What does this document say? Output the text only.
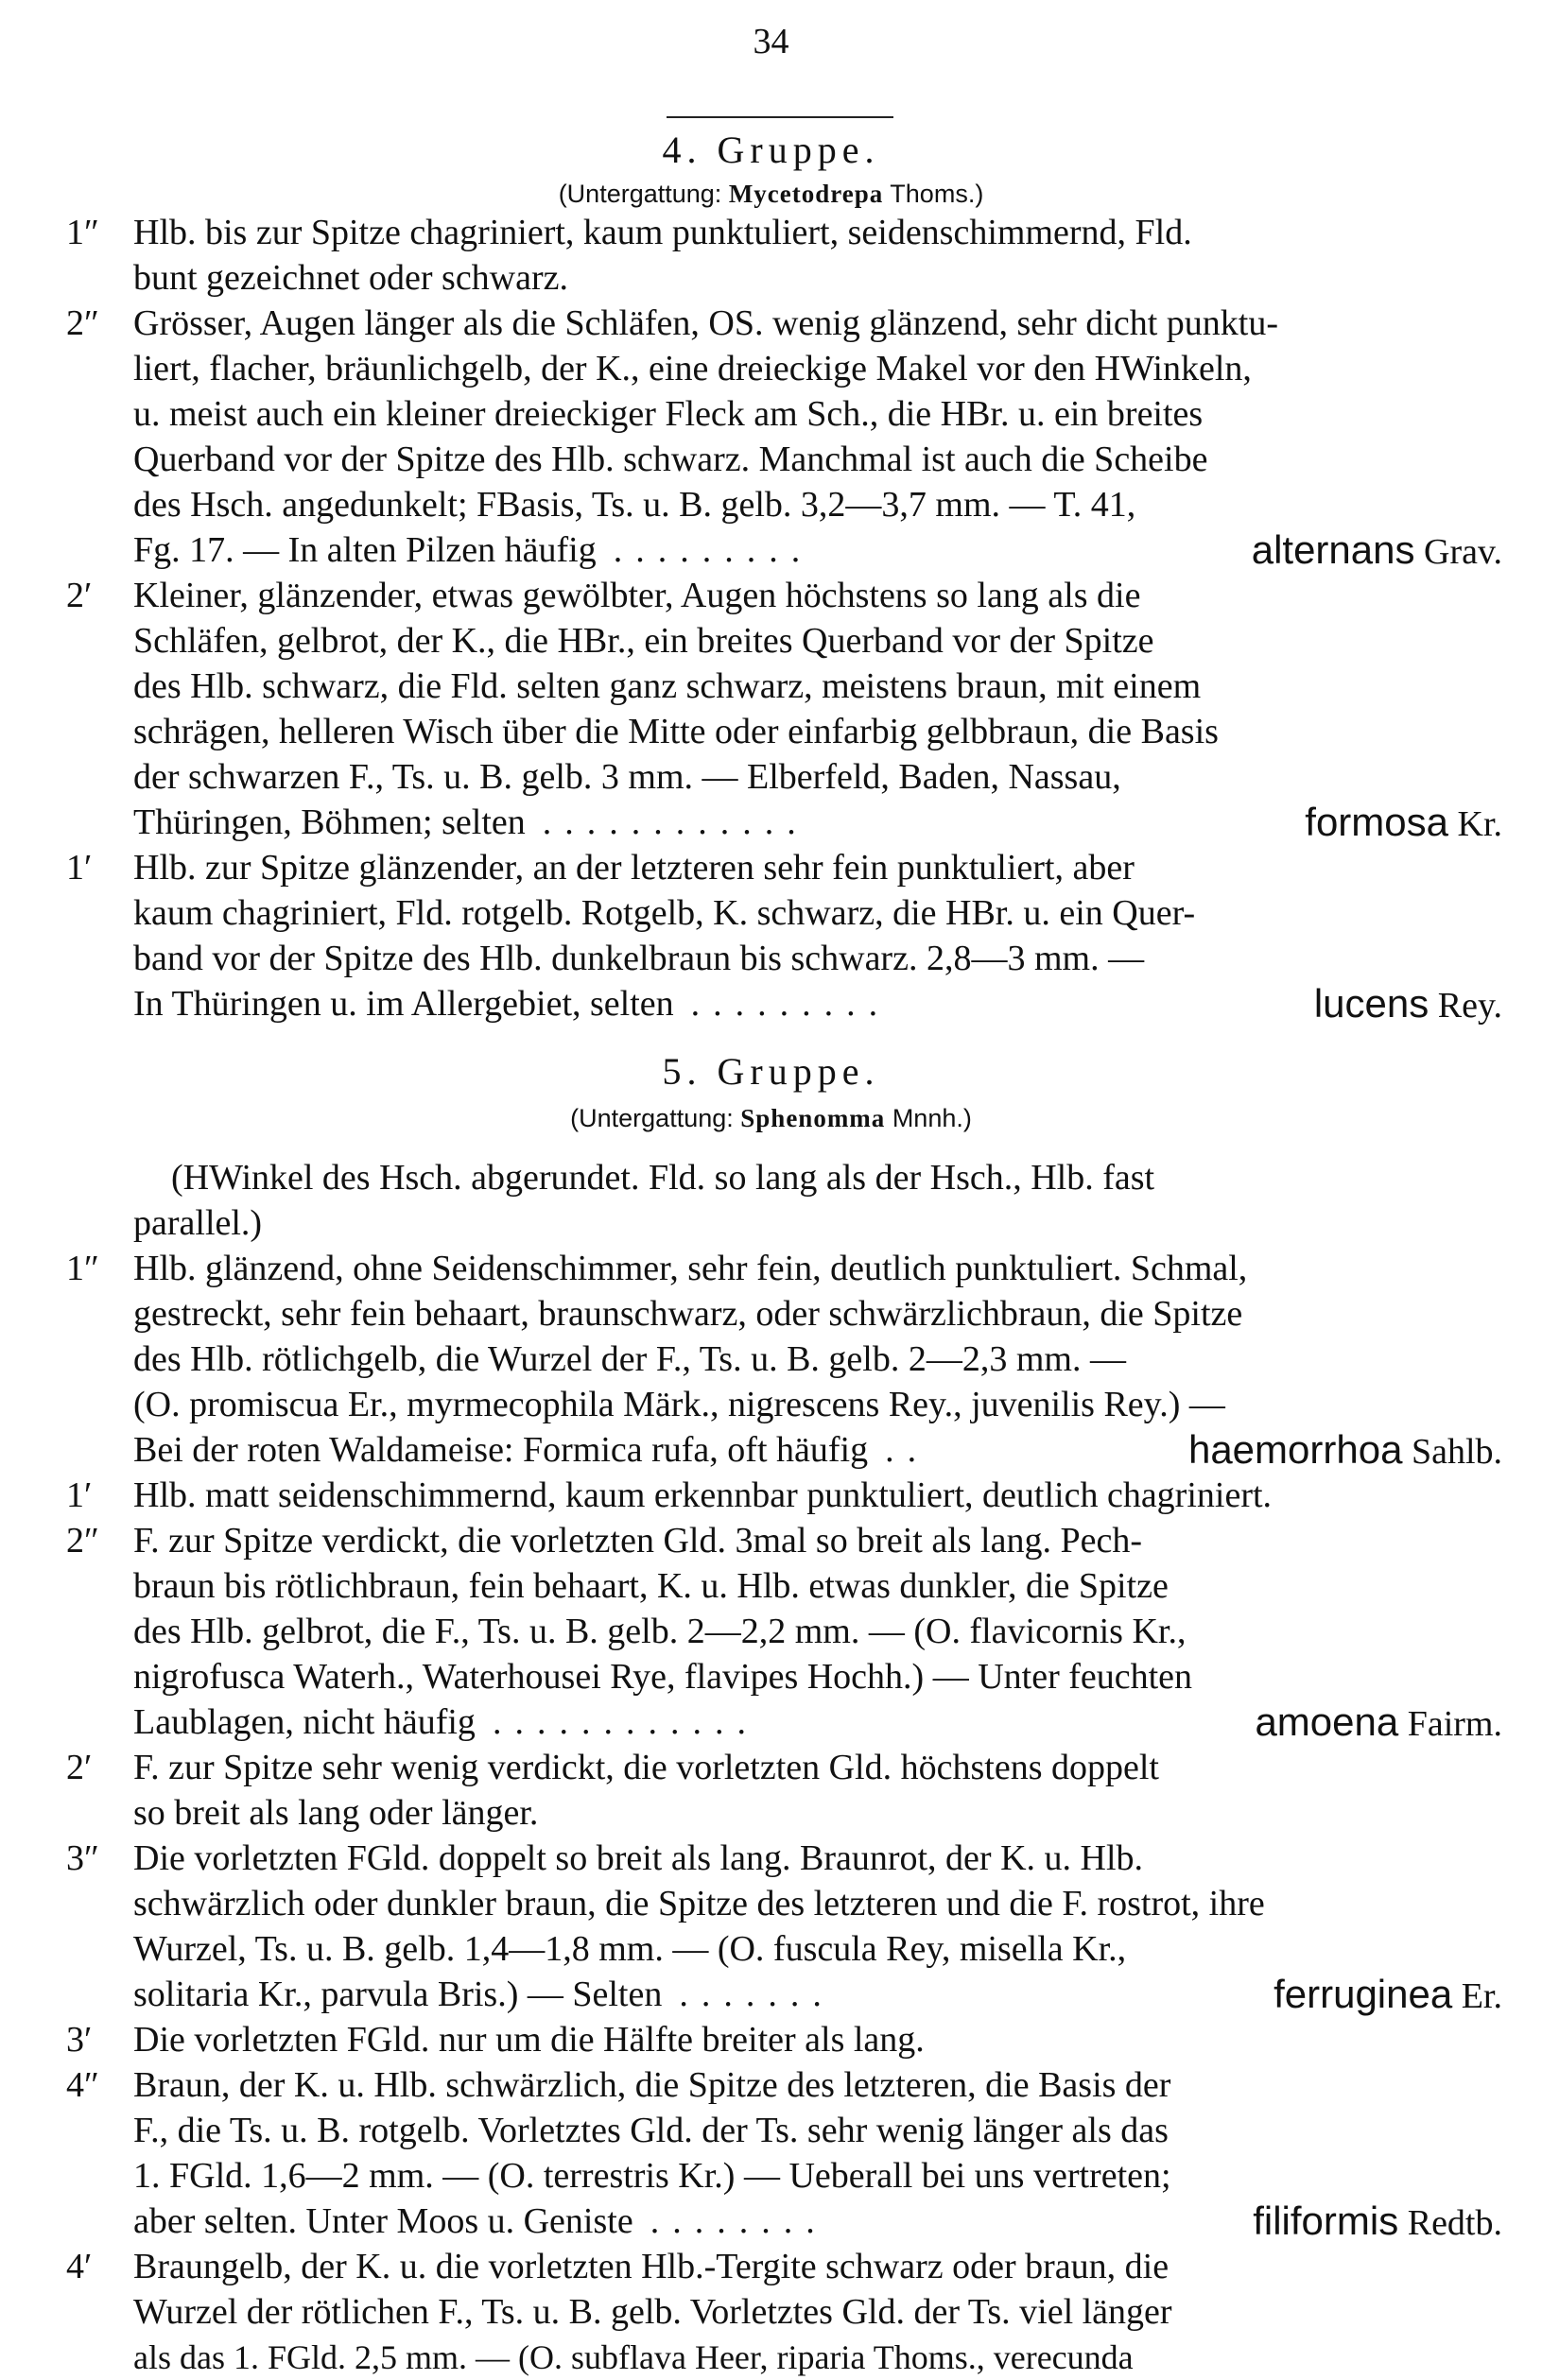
34
4. Gruppe.
(Untergattung: Mycetodrepa Thoms.)
1″ Hlb. bis zur Spitze chagriniert, kaum punktuliert, seidenschimmernd, Fld.
bunt gezeichnet oder schwarz.
2″ Grösser, Augen länger als die Schläfen, OS. wenig glänzend, sehr dicht punktu-
liert, flacher, bräunlichgelb, der K., eine dreieckige Makel vor den HWinkeln,
u. meist auch ein kleiner dreieckiger Fleck am Sch., die HBr. u. ein breites
Querband vor der Spitze des Hlb. schwarz. Manchmal ist auch die Scheibe
des Hsch. angedunkelt; FBasis, Ts. u. B. gelb. 3,2—3,7 mm. — T. 41,
Fg. 17. — In alten Pilzen häufig .........	alternans Grav.
2′	Kleiner, glänzender, etwas gewölbter, Augen höchstens so lang als die
Schläfen, gelbrot, der K., die HBr., ein breites Querband vor der Spitze
des Hlb. schwarz, die Fld. selten ganz schwarz, meistens braun, mit einem
schrägen, helleren Wisch über die Mitte oder einfarbig gelbbraun, die Basis
der schwarzen F., Ts. u. B. gelb. 3 mm. — Elberfeld, Baden, Nassau,
Thüringen, Böhmen; selten ............	formosa Kr.
1′	Hlb. zur Spitze glänzender, an der letzteren sehr fein punktuliert, aber
kaum chagriniert, Fld. rotgelb. Rotgelb, K. schwarz, die HBr. u. ein Quer-
band vor der Spitze des Hlb. dunkelbraun bis schwarz. 2,8—3 mm. —
In Thüringen u. im Allergebiet, selten .........	lucens Rey.
5. Gruppe.
(Untergattung: Sphenomma Mnnh.)
(HWinkel des Hsch. abgerundet. Fld. so lang als der Hsch., Hlb. fast
parallel.)
1″ Hlb. glänzend, ohne Seidenschimmer, sehr fein, deutlich punktuliert. Schmal,
gestreckt, sehr fein behaart, braunschwarz, oder schwärzlichbraun, die Spitze
des Hlb. rötlichgelb, die Wurzel der F., Ts. u. B. gelb. 2—2,3 mm. —
(O. promiscua Er., myrmecophila Märk., nigrescens Rey., juvenilis Rey.) —
Bei der roten Waldameise: Formica rufa, oft häufig ..	haemorrhoa Sahlb.
1′	Hlb. matt seidenschimmernd, kaum erkennbar punktuliert, deutlich chagriniert.
2″ F. zur Spitze verdickt, die vorletzten Gld. 3mal so breit als lang. Pech-
braun bis rötlichbraun, fein behaart, K. u. Hlb. etwas dunkler, die Spitze
des Hlb. gelbrot, die F., Ts. u. B. gelb. 2—2,2 mm. — (O. flavicornis Kr.,
nigrofusca Waterh., Waterhousei Rye, flavipes Hochh.) — Unter feuchten
Laublagen, nicht häufig ............	amoena Fairm.
2′	F. zur Spitze sehr wenig verdickt, die vorletzten Gld. höchstens doppelt
so breit als lang oder länger.
3″ Die vorletzten FGld. doppelt so breit als lang. Braunrot, der K. u. Hlb.
schwärzlich oder dunkler braun, die Spitze des letzteren und die F. rostrot, ihre
Wurzel, Ts. u. B. gelb. 1,4—1,8 mm. — (O. fuscula Rey, misella Kr.,
solitaria Kr., parvula Bris.) — Selten .......	ferruginea Er.
3′	Die vorletzten FGld. nur um die Hälfte breiter als lang.
4″ Braun, der K. u. Hlb. schwärzlich, die Spitze des letzteren, die Basis der
F., die Ts. u. B. rotgelb. Vorletztes Gld. der Ts. sehr wenig länger als das
1. FGld. 1,6—2 mm. — (O. terrestris Kr.) — Ueberall bei uns vertreten;
aber selten. Unter Moos u. Geniste ........	filiformis Redtb.
4′	Braungelb, der K. u. die vorletzten Hlb.-Tergite schwarz oder braun, die
Wurzel der rötlichen F., Ts. u. B. gelb. Vorletztes Gld. der Ts. viel länger
als das 1. FGld. 2,5 mm. — (O. subflava Heer, riparia Thoms., verecunda
